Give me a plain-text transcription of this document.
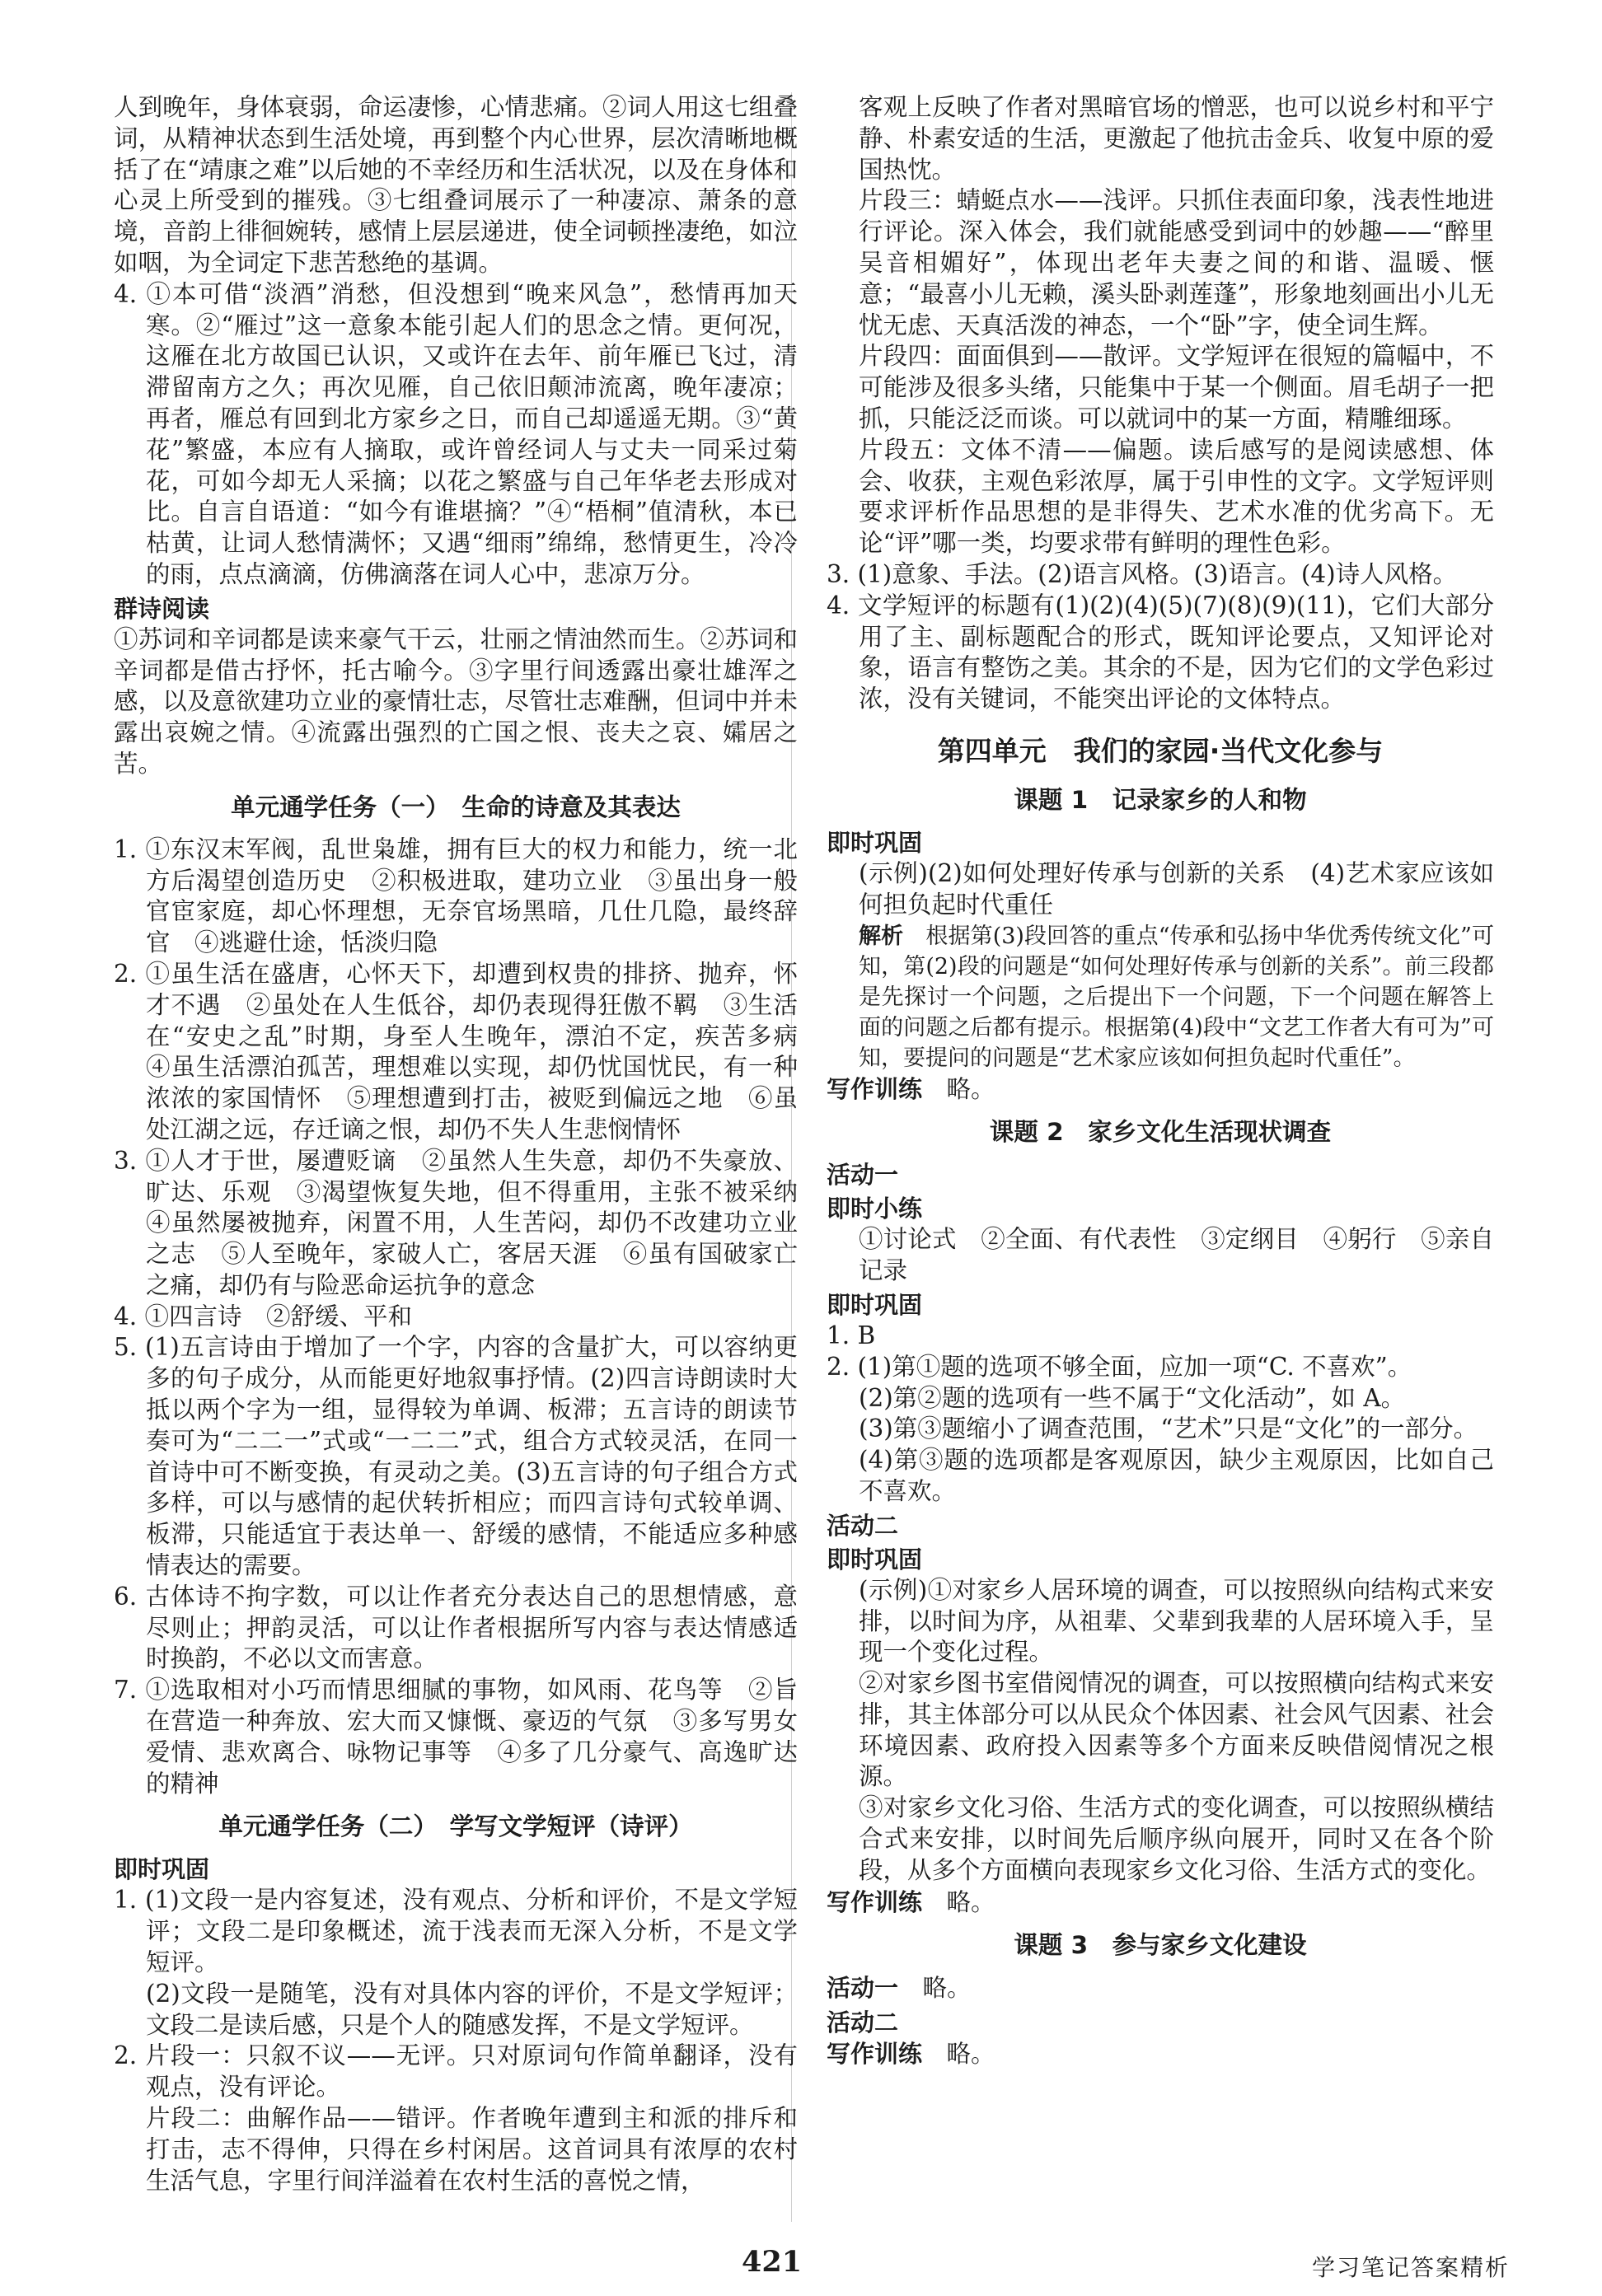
人到晚年，身体衰弱，命运凄惨，心情悲痛。②词人用这七组叠词，从精神状态到生活处境，再到整个内心世界，层次清晰地概括了在“靖康之难”以后她的不幸经历和生活状况，以及在身体和心灵上所受到的摧残。③七组叠词展示了一种凄凉、萧条的意境，音韵上徘徊婉转，感情上层层递进，使全词顿挫凄绝，如泣如咽，为全词定下悲苦愁绝的基调。

4. ①本可借“淡酒”消愁，但没想到“晚来风急”，愁情再加天寒。②“雁过”这一意象本能引起人们的思念之情。更何况，这雁在北方故国已认识，又或许在去年、前年雁已飞过，清滞留南方之久；再次见雁，自己依旧颠沛流离，晚年凄凉；再者，雁总有回到北方家乡之日，而自己却遥遥无期。③“黄花”繁盛，本应有人摘取，或许曾经词人与丈夫一同采过菊花，可如今却无人采摘；以花之繁盛与自己年华老去形成对比。自言自语道：“如今有谁堪摘？”④“梧桐”值清秋，本已枯黄，让词人愁情满怀；又遇“细雨”绵绵，愁情更生，冷冷的雨，点点滴滴，仿佛滴落在词人心中，悲凉万分。

群诗阅读

①苏词和辛词都是读来豪气干云，壮丽之情油然而生。②苏词和辛词都是借古抒怀，托古喻今。③字里行间透露出豪壮雄浑之感，以及意欲建功立业的豪情壮志，尽管壮志难酬，但词中并未露出哀婉之情。④流露出强烈的亡国之恨、丧夫之哀、孀居之苦。

单元通学任务（一）　生命的诗意及其表达

1. ①东汉末军阀，乱世枭雄，拥有巨大的权力和能力，统一北方后渴望创造历史　②积极进取，建功立业　③虽出身一般官宦家庭，却心怀理想，无奈官场黑暗，几仕几隐，最终辞官　④逃避仕途，恬淡归隐

2. ①虽生活在盛唐，心怀天下，却遭到权贵的排挤、抛弃，怀才不遇　②虽处在人生低谷，却仍表现得狂傲不羁　③生活在“安史之乱”时期，身至人生晚年，漂泊不定，疾苦多病　④虽生活漂泊孤苦，理想难以实现，却仍忧国忧民，有一种浓浓的家国情怀　⑤理想遭到打击，被贬到偏远之地　⑥虽处江湖之远，存迁谪之恨，却仍不失人生悲悯情怀

3. ①人才于世，屡遭贬谪　②虽然人生失意，却仍不失豪放、旷达、乐观　③渴望恢复失地，但不得重用，主张不被采纳　④虽然屡被抛弃，闲置不用，人生苦闷，却仍不改建功立业之志　⑤人至晚年，家破人亡，客居天涯　⑥虽有国破家亡之痛，却仍有与险恶命运抗争的意念

4. ①四言诗　②舒缓、平和

5. (1)五言诗由于增加了一个字，内容的含量扩大，可以容纳更多的句子成分，从而能更好地叙事抒情。(2)四言诗朗读时大抵以两个字为一组，显得较为单调、板滞；五言诗的朗读节奏可为“二二一”式或“一二二”式，组合方式较灵活，在同一首诗中可不断变换，有灵动之美。(3)五言诗的句子组合方式多样，可以与感情的起伏转折相应；而四言诗句式较单调、板滞，只能适宜于表达单一、舒缓的感情，不能适应多种感情表达的需要。

6. 古体诗不拘字数，可以让作者充分表达自己的思想情感，意尽则止；押韵灵活，可以让作者根据所写内容与表达情感适时换韵，不必以文而害意。

7. ①选取相对小巧而情思细腻的事物，如风雨、花鸟等　②旨在营造一种奔放、宏大而又慷慨、豪迈的气氛　③多写男女爱情、悲欢离合、咏物记事等　④多了几分豪气、高逸旷达的精神

单元通学任务（二）　学写文学短评（诗评）
即时巩固

1. (1)文段一是内容复述，没有观点、分析和评价，不是文学短评；文段二是印象概述，流于浅表而无深入分析，不是文学短评。

(2)文段一是随笔，没有对具体内容的评价，不是文学短评；文段二是读后感，只是个人的随感发挥，不是文学短评。

2. 片段一：只叙不议——无评。只对原词句作简单翻译，没有观点，没有评论。

片段二：曲解作品——错评。作者晚年遭到主和派的排斥和打击，志不得伸，只得在乡村闲居。这首词具有浓厚的农村生活气息，字里行间洋溢着在农村生活的喜悦之情，

客观上反映了作者对黑暗官场的憎恶，也可以说乡村和平宁静、朴素安适的生活，更激起了他抗击金兵、收复中原的爱国热忱。

片段三：蜻蜓点水——浅评。只抓住表面印象，浅表性地进行评论。深入体会，我们就能感受到词中的妙趣——“醉里吴音相媚好”，体现出老年夫妻之间的和谐、温暖、惬意；“最喜小儿无赖，溪头卧剥莲蓬”，形象地刻画出小儿无忧无虑、天真活泼的神态，一个“卧”字，使全词生辉。

片段四：面面俱到——散评。文学短评在很短的篇幅中，不可能涉及很多头绪，只能集中于某一个侧面。眉毛胡子一把抓，只能泛泛而谈。可以就词中的某一方面，精雕细琢。

片段五：文体不清——偏题。读后感写的是阅读感想、体会、收获，主观色彩浓厚，属于引申性的文字。文学短评则要求评析作品思想的是非得失、艺术水准的优劣高下。无论“评”哪一类，均要求带有鲜明的理性色彩。

3. (1)意象、手法。(2)语言风格。(3)语言。(4)诗人风格。

4. 文学短评的标题有(1)(2)(4)(5)(7)(8)(9)(11)，它们大部分用了主、副标题配合的形式，既知评论要点，又知评论对象，语言有整饬之美。其余的不是，因为它们的文学色彩过浓，没有关键词，不能突出评论的文体特点。

第四单元　我们的家园·当代文化参与
课题 1　记录家乡的人和物
即时巩固

(示例)(2)如何处理好传承与创新的关系　(4)艺术家应该如何担负起时代重任

解析　 根据第(3)段回答的重点“传承和弘扬中华优秀传统文化”可知，第(2)段的问题是“如何处理好传承与创新的关系”。前三段都是先探讨一个问题，之后提出下一个问题，下一个问题在解答上面的问题之后都有提示。根据第(4)段中“文艺工作者大有可为”可知，要提问的问题是“艺术家应该如何担负起时代重任”。

写作训练　 略。

课题 2　家乡文化生活现状调查
活动一
即时小练

①讨论式　②全面、有代表性　③定纲目　④躬行　⑤亲自记录

即时巩固

1. B

2. (1)第①题的选项不够全面，应加一项“C. 不喜欢”。

(2)第②题的选项有一些不属于“文化活动”，如 A。

(3)第③题缩小了调查范围，“艺术”只是“文化”的一部分。

(4)第③题的选项都是客观原因，缺少主观原因，比如自己不喜欢。

活动二
即时巩固

(示例)①对家乡人居环境的调查，可以按照纵向结构式来安排，以时间为序，从祖辈、父辈到我辈的人居环境入手，呈现一个变化过程。

②对家乡图书室借阅情况的调查，可以按照横向结构式来安排，其主体部分可以从民众个体因素、社会风气因素、社会环境因素、政府投入因素等多个方面来反映借阅情况之根源。

③对家乡文化习俗、生活方式的变化调查，可以按照纵横结合式来安排，以时间先后顺序纵向展开，同时又在各个阶段，从多个方面横向表现家乡文化习俗、生活方式的变化。

写作训练　 略。

课题 3　参与家乡文化建设

活动一　 略。

活动二

写作训练　 略。

421	学习笔记答案精析
